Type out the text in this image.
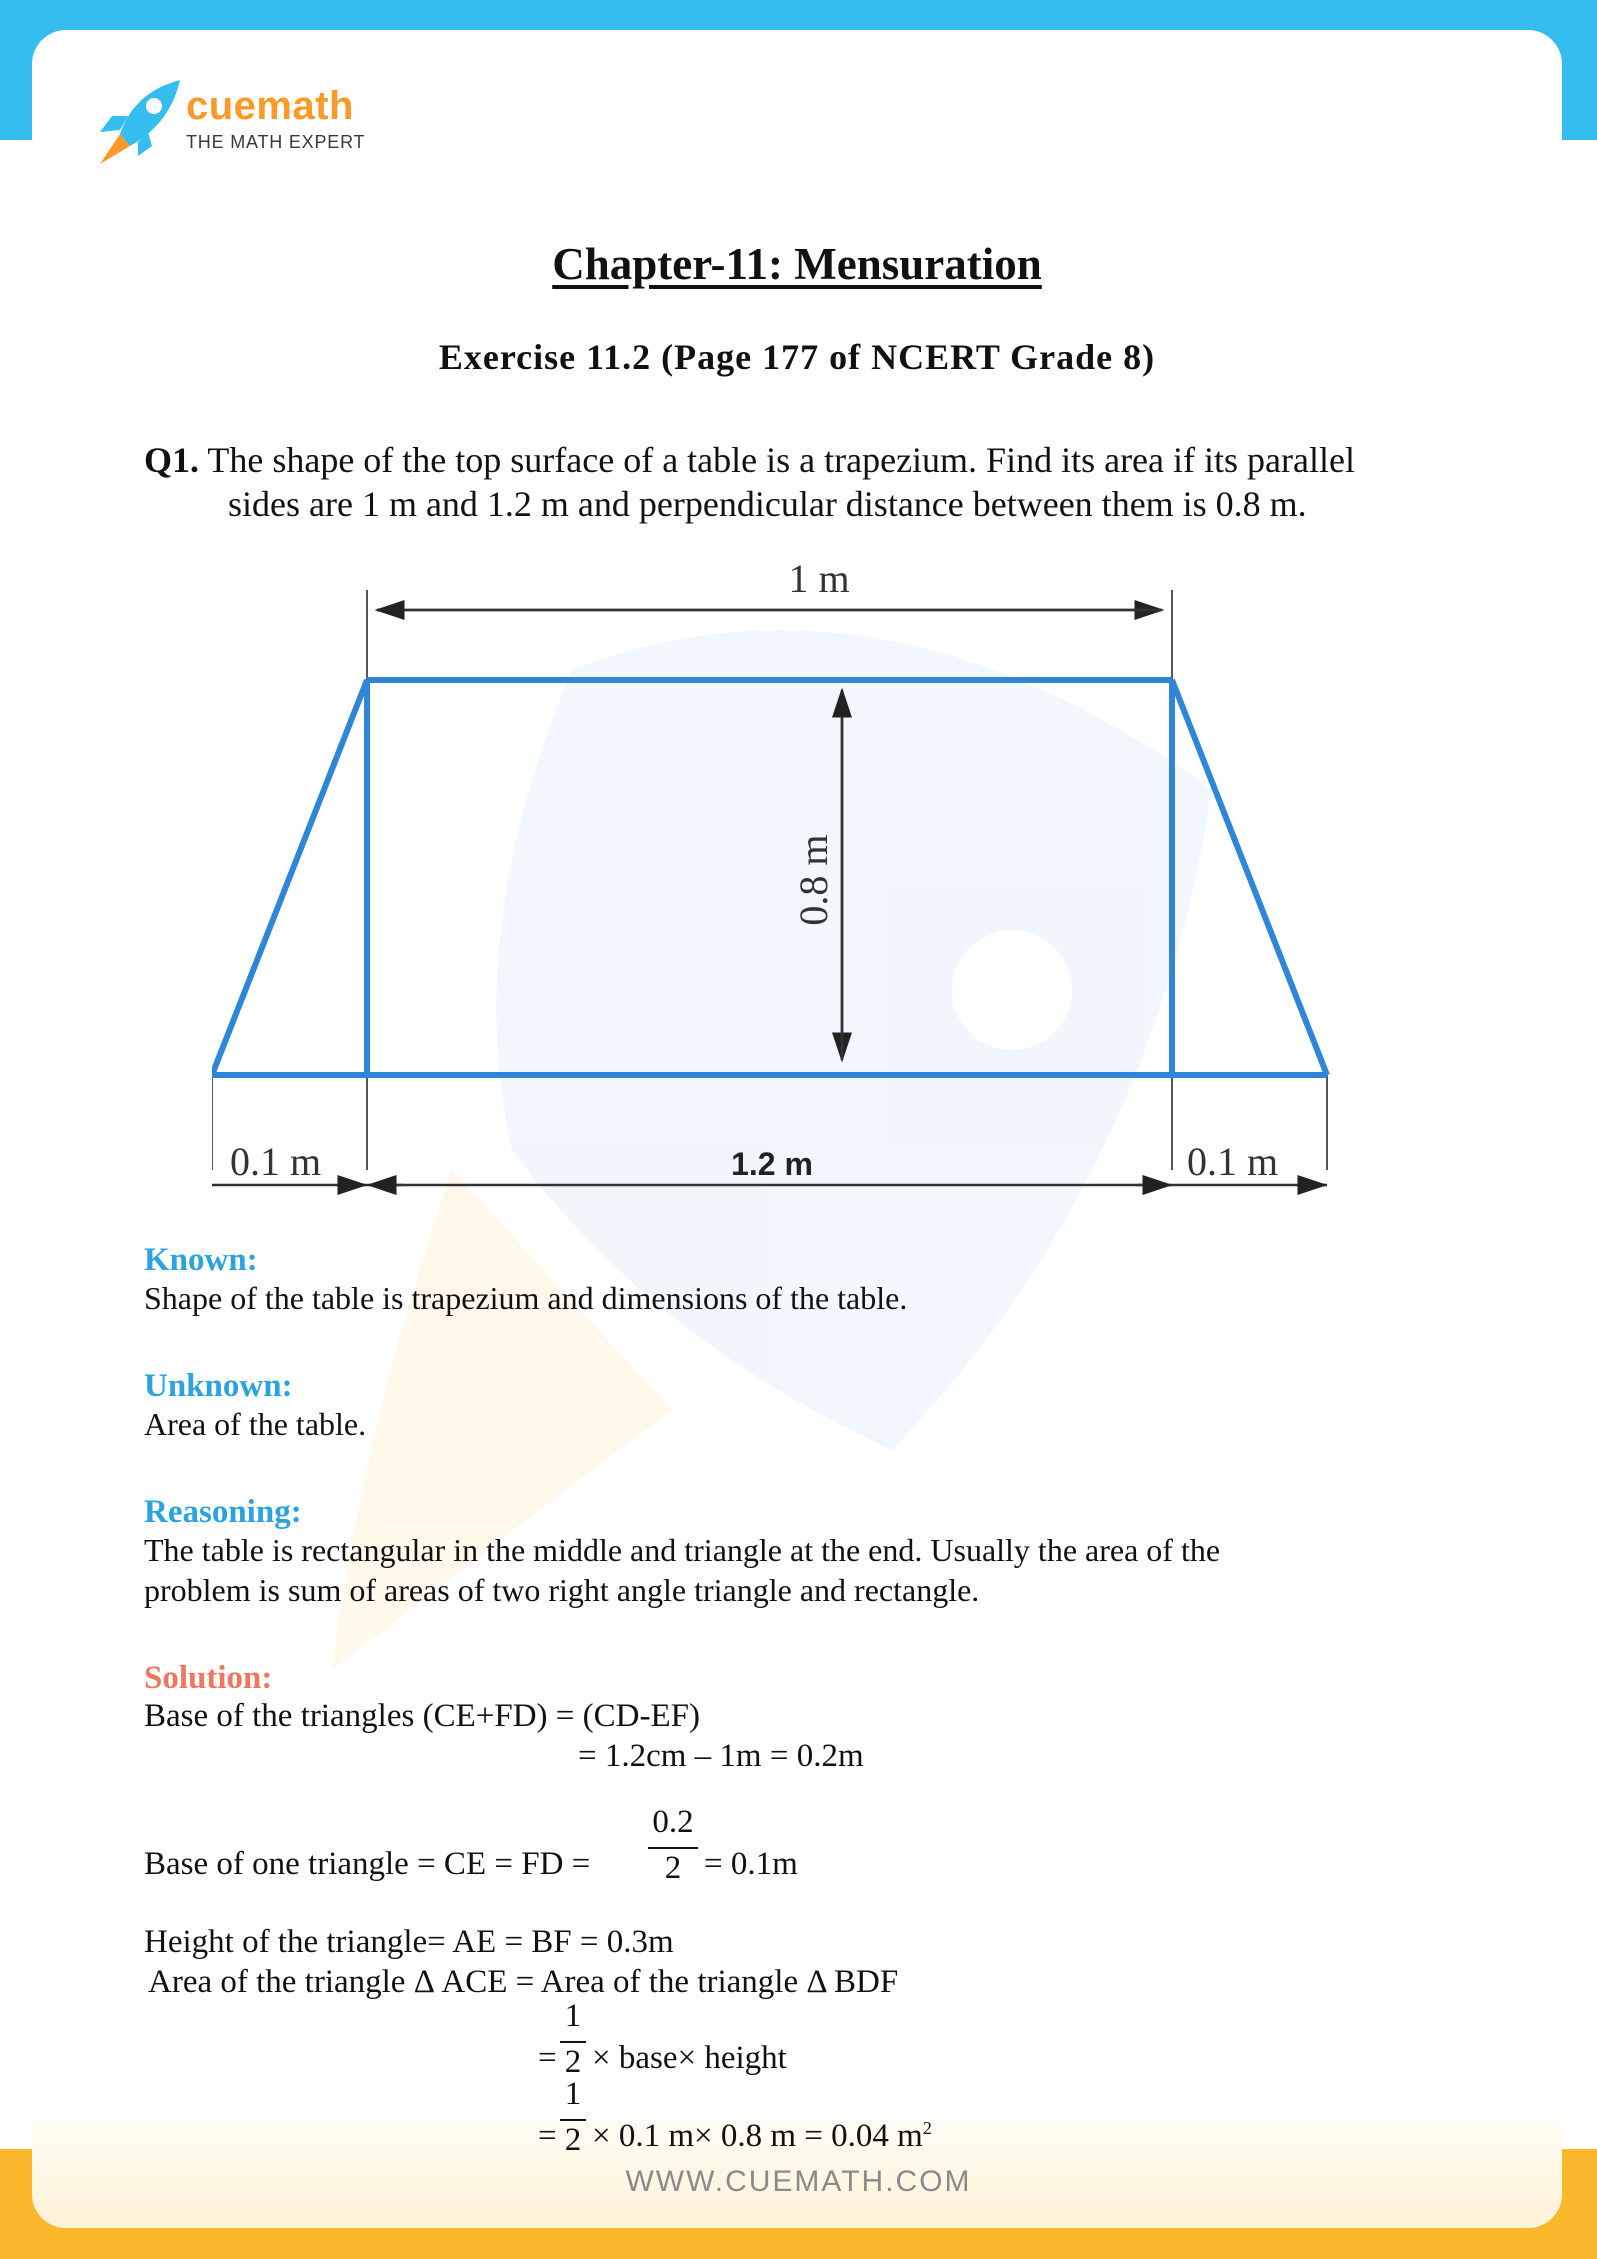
cuemath
THE MATH EXPERT
Chapter-11: Mensuration
Exercise 11.2 (Page 177 of NCERT Grade 8)
Q1. The shape of the top surface of a table is a trapezium. Find its area if its parallel
sides are 1 m and 1.2 m and perpendicular distance between them is 0.8 m.
1 m
0.8 m
0.1 m	1.2 m	0.1 m
Known:
Shape of the table is trapezium and dimensions of the table.
Unknown:
Area of the table.
Reasoning:
The table is rectangular in the middle and triangle at the end. Usually the area of the
problem is sum of areas of two right angle triangle and rectangle.
Solution:
Base of the triangles (CE+FD) = (CD-EF)
= 1.2cm – 1m = 0.2m
Base of one triangle = CE = FD =
0.2
2 = 0.1m
Height of the triangle= AE = BF = 0.3m
Area of the triangle Δ ACE = Area of the triangle Δ BDF
=
1
2 × base× height
=
1
2 × 0.1 m× 0.8 m = 0.04 $m^2$
WWW.CUEMATH.COM
